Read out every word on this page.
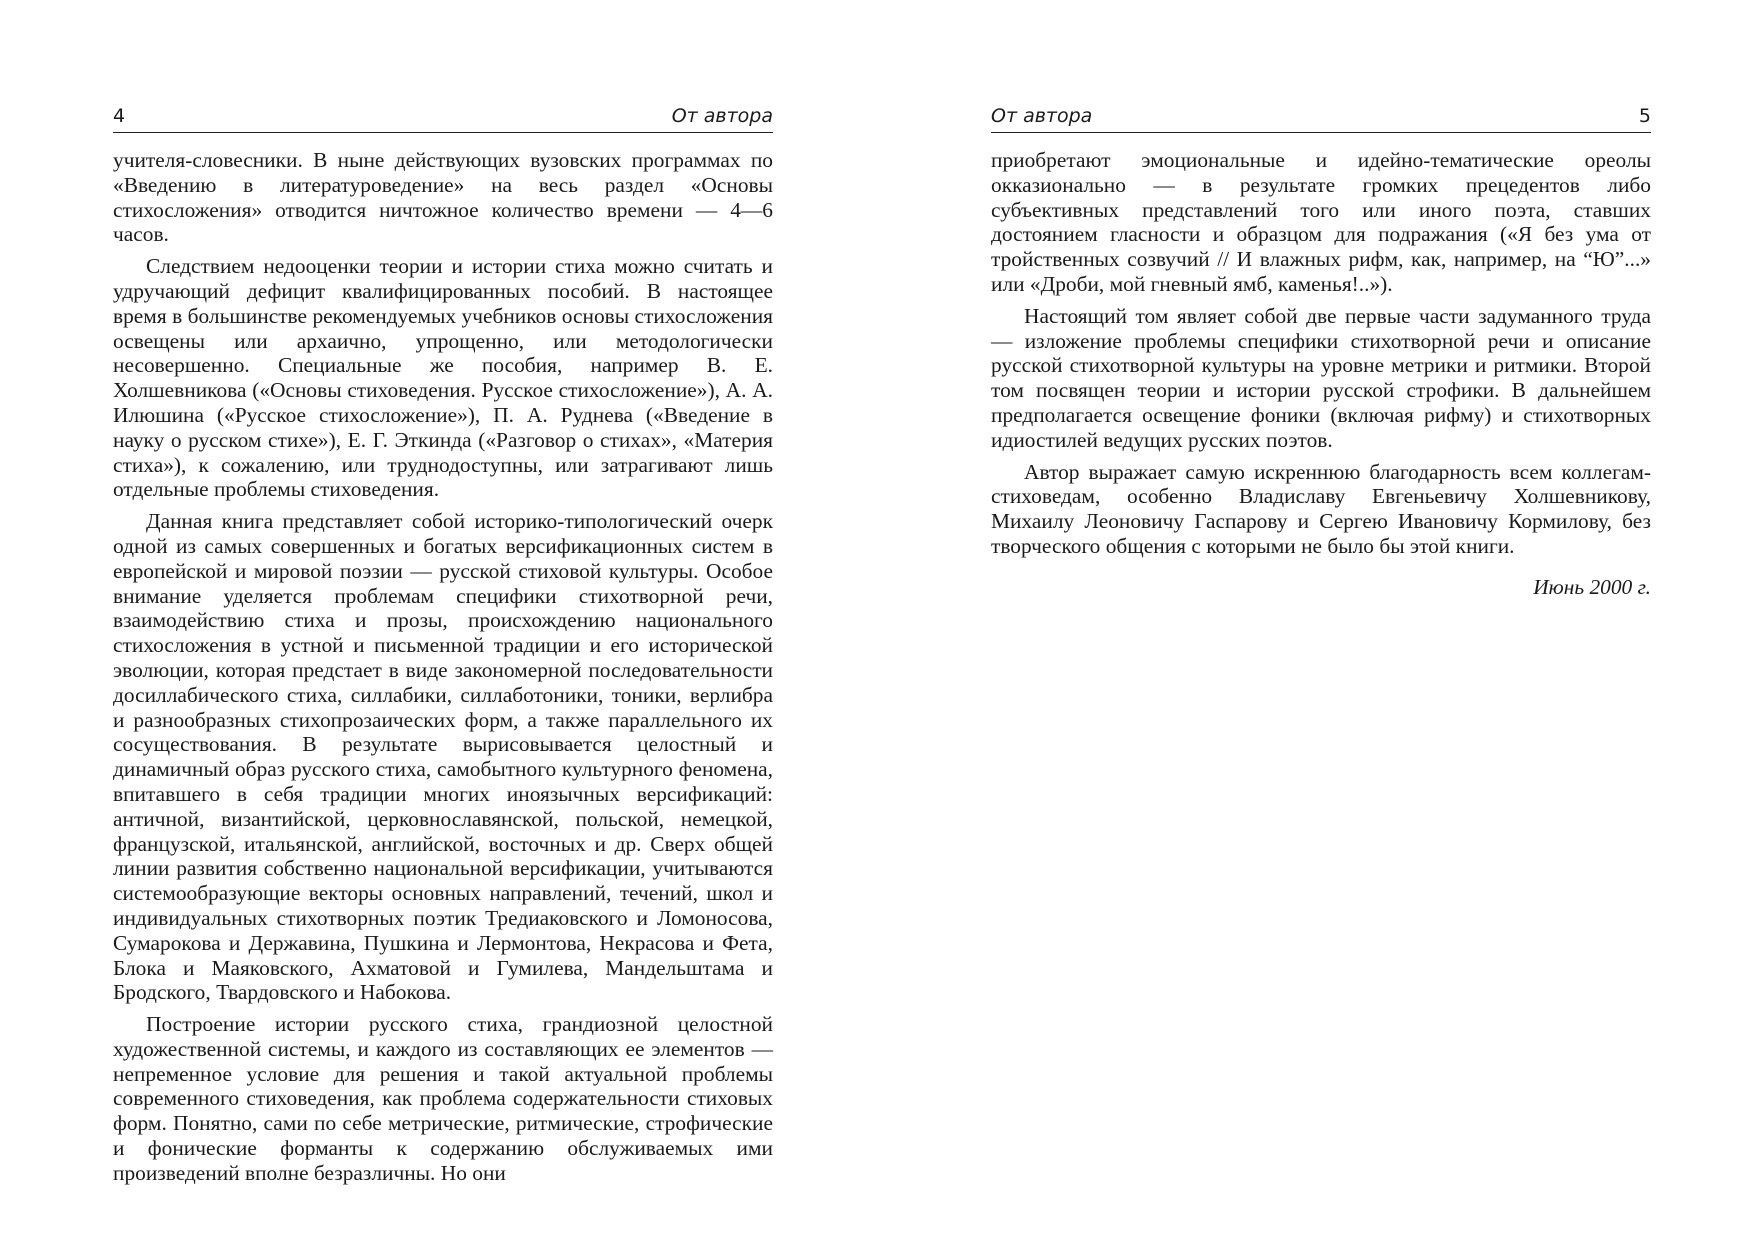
4	От автора

учителя-словесники. В ныне действующих вузовских программах по «Введению в литературоведение» на весь раздел «Основы стихосложения» отводится ничтожное количество времени — 4—6 часов.

Следствием недооценки теории и истории стиха можно считать и удручающий дефицит квалифицированных пособий. В настоящее время в большинстве рекомендуемых учебников основы стихосложения освещены или архаично, упрощенно, или методологически несовершенно. Специальные же пособия, например В. Е. Холшевникова («Основы стиховедения. Русское стихосложение»), А. А. Илюшина («Русское стихосложение»), П. А. Руднева («Введение в науку о русском стихе»), Е. Г. Эткинда («Разговор о стихах», «Материя стиха»), к сожалению, или труднодоступны, или затрагивают лишь отдельные проблемы стиховедения.

Данная книга представляет собой историко-типологический очерк одной из самых совершенных и богатых версификационных систем в европейской и мировой поэзии — русской стиховой культуры. Особое внимание уделяется проблемам специфики стихотворной речи, взаимодействию стиха и прозы, происхождению национального стихосложения в устной и письменной традиции и его исторической эволюции, которая предстает в виде закономерной последовательности досиллабического стиха, силлабики, силлаботоники, тоники, верлибра и разнообразных стихопрозаических форм, а также параллельного их сосуществования. В результате вырисовывается целостный и динамичный образ русского стиха, самобытного культурного феномена, впитавшего в себя традиции многих иноязычных версификаций: античной, византийской, церковнославянской, польской, немецкой, французской, итальянской, английской, восточных и др. Сверх общей линии развития собственно национальной версификации, учитываются системообразующие векторы основных направлений, течений, школ и индивидуальных стихотворных поэтик Тредиаковского и Ломоносова, Сумарокова и Державина, Пушкина и Лермонтова, Некрасова и Фета, Блока и Маяковского, Ахматовой и Гумилева, Мандельштама и Бродского, Твардовского и Набокова.

Построение истории русского стиха, грандиозной целостной художественной системы, и каждого из составляющих ее элементов — непременное условие для решения и такой актуальной проблемы современного стиховедения, как проблема содержательности стиховых форм. Понятно, сами по себе метрические, ритмические, строфические и фонические форманты к содержанию обслуживаемых ими произведений вполне безразличны. Но они

От автора	5

приобретают эмоциональные и идейно-тематические ореолы окказионально — в результате громких прецедентов либо субъективных представлений того или иного поэта, ставших достоянием гласности и образцом для подражания («Я без ума от тройственных созвучий // И влажных рифм, как, например, на “Ю”...» или «Дроби, мой гневный ямб, каменья!..»).

Настоящий том являет собой две первые части задуманного труда — изложение проблемы специфики стихотворной речи и описание русской стихотворной культуры на уровне метрики и ритмики. Второй том посвящен теории и истории русской строфики. В дальнейшем предполагается освещение фоники (включая рифму) и стихотворных идиостилей ведущих русских поэтов.

Автор выражает самую искреннюю благодарность всем коллегам-стиховедам, особенно Владиславу Евгеньевичу Холшевникову, Михаилу Леоновичу Гаспарову и Сергею Ивановичу Кормилову, без творческого общения с которыми не было бы этой книги.

Июнь 2000 г.
